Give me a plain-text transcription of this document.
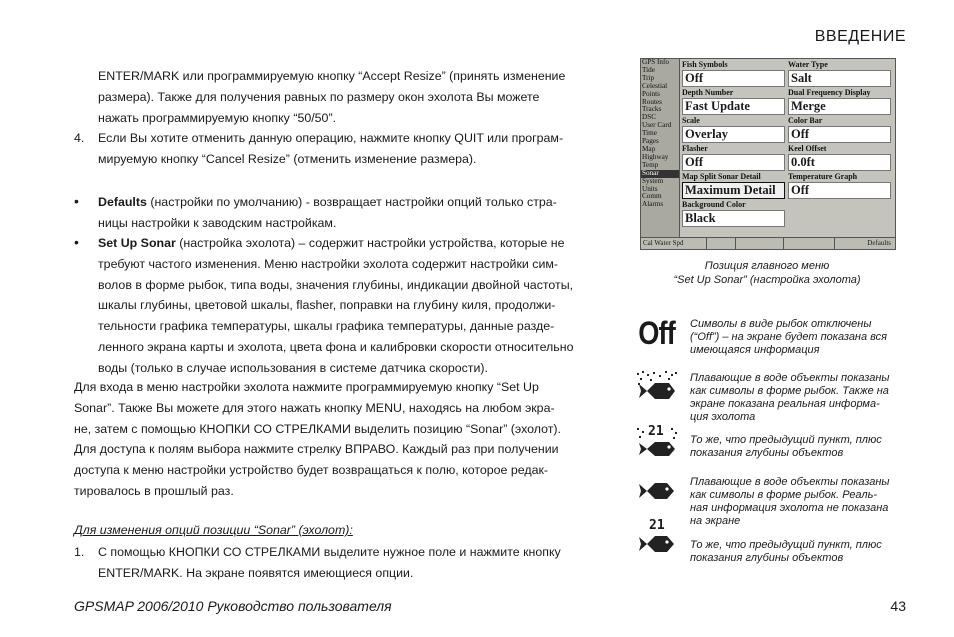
ВВЕДЕНИЕ
ENTER/MARK или программируемую кнопку “Accept Resize” (принять изменение
размера). Также для получения равных по размеру окон эхолота Вы можете
нажать программируемую кнопку “50/50”.
4. Если Вы хотите отменить данную операцию, нажмите кнопку QUIT или програм-
мируемую кнопку “Cancel Resize” (отменить изменение размера).
• Defaults (настройки по умолчанию) - возвращает настройки опций только стра-
ницы настройки к заводским настройкам.
• Set Up Sonar (настройка эхолота) – содержит настройки устройства, которые не
требуют частого изменения. Меню настройки эхолота содержит настройки сим-
волов в форме рыбок, типа воды, значения глубины, индикации двойной частоты,
шкалы глубины, цветовой шкалы, flasher, поправки на глубину киля, продолжи-
тельности графика температуры, шкалы графика температуры, данные разде-
ленного экрана карты и эхолота, цвета фона и калибровки скорости относительно
воды (только в случае использования в системе датчика скорости).
Для входа в меню настройки эхолота нажмите программируемую кнопку “Set Up
Sonar”. Также Вы можете для этого нажать кнопку MENU, находясь на любом экра-
не, затем с помощью КНОПКИ СО СТРЕЛКАМИ выделить позицию “Sonar” (эхолот).
Для доступа к полям выбора нажмите стрелку ВПРАВО. Каждый раз при получении
доступа к меню настройки устройство будет возвращаться к полю, которое редак-
тировалось в прошлый раз.
Для изменения опций позиции “Sonar” (эхолот):
1. С помощью КНОПКИ СО СТРЕЛКАМИ выделите нужное поле и нажмите кнопку
ENTER/MARK. На экране появятся имеющиеся опции.
GPS Info
Tide
Trip
Celestial
Points
Routes
Tracks
DSC
User Card
Time
Pages
Map
Highway
Temp
Sonar
System
Units
Comm
Alarms
Fish Symbols
Off
Water Type
Salt
Depth Number
Fast Update
Dual Frequency Display
Merge
Scale
Overlay
Color Bar
Off
Flasher
Off
Keel Offset
0.0ft
Map Split Sonar Detail
Maximum Detail
Temperature Graph
Off
Background Color
Black
Cal Water Spd	Defaults
Позиция главного меню
“Set Up Sonar” (настройка эхолота)
Off Символы в виде рыбок отключены
(“Off”) – на экране будет показана вся
имеющаяся информация
Плавающие в воде объекты показаны
как символы в форме рыбок. Также на
экране показана реальная информа-
ция эхолота
21
То же, что предыдущий пункт, плюс
показания глубины объектов
Плавающие в воде объекты показаны
как символы в форме рыбок. Реаль-
ная информация эхолота не показана
на экране
21
То же, что предыдущий пункт, плюс
показания глубины объектов
GPSMAP 2006/2010 Руководство пользователя	43
